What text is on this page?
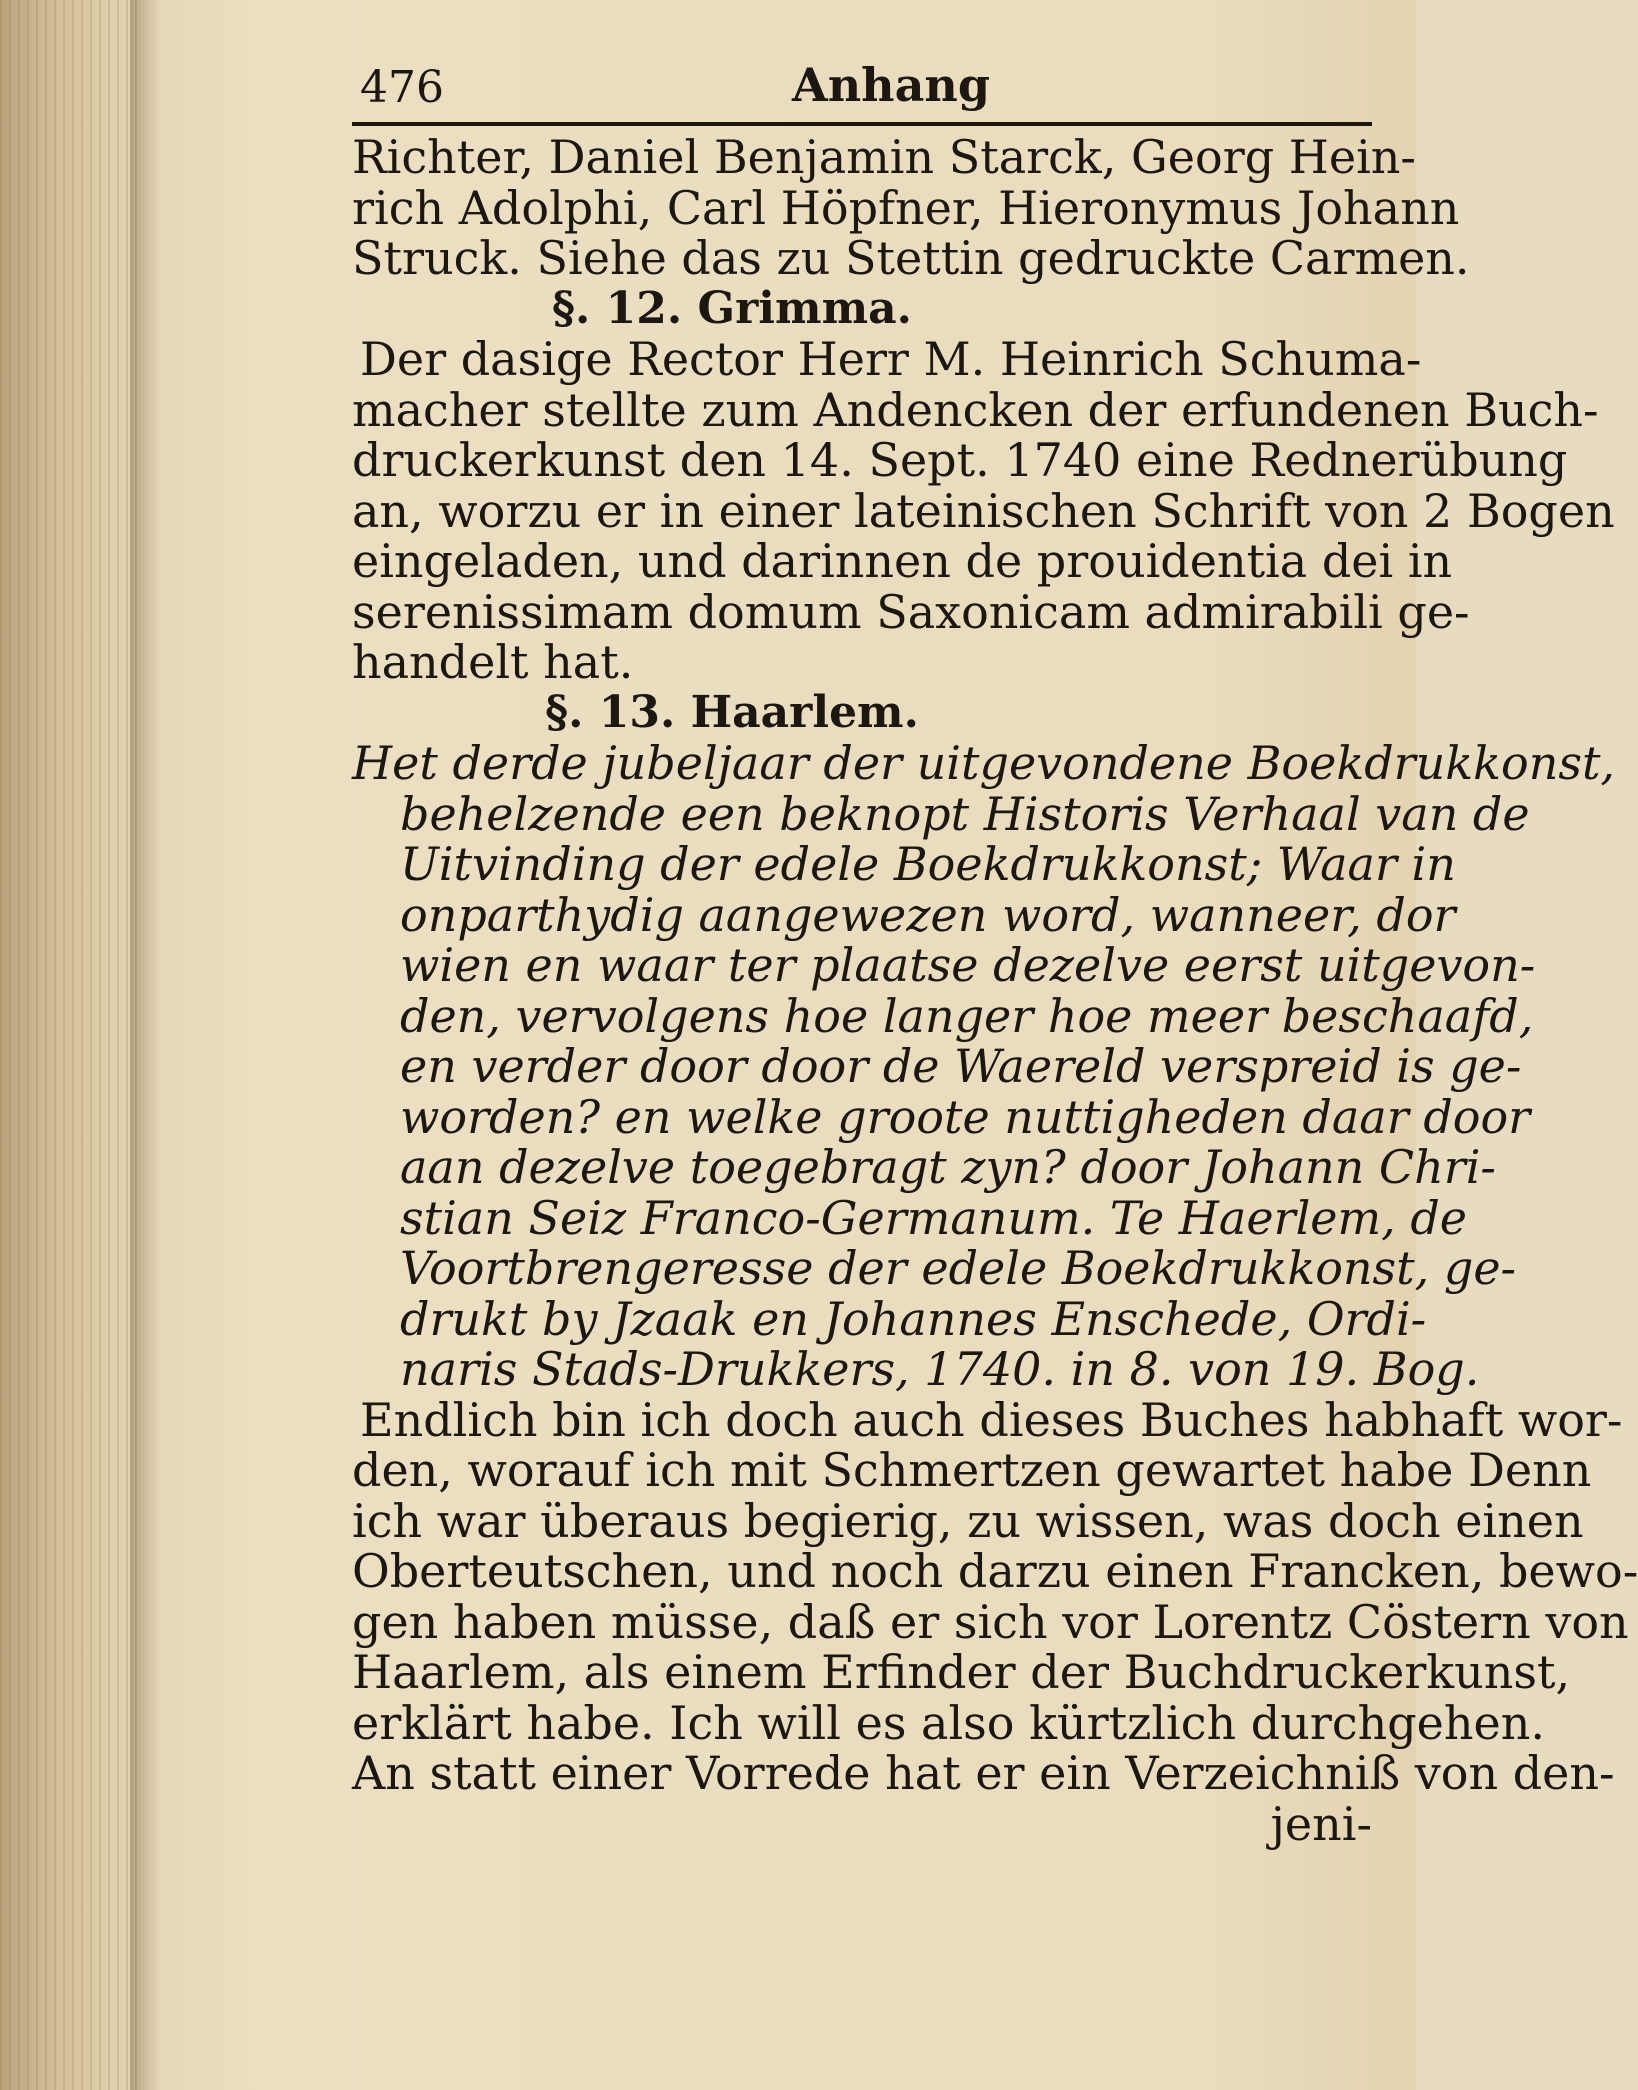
476	Anhang
Richter, Daniel Benjamin Starck, Georg Hein-
rich Adolphi, Carl Höpfner, Hieronymus Johann
Struck. Siehe das zu Stettin gedruckte Carmen.
§. 12. Grimma.
Der dasige Rector Herr M. Heinrich Schuma-
macher stellte zum Andencken der erfundenen Buch-
druckerkunst den 14. Sept. 1740 eine Rednerübung
an, worzu er in einer lateinischen Schrift von 2 Bogen
eingeladen, und darinnen de prouidentia dei in
serenissimam domum Saxonicam admirabili ge-
handelt hat.
§. 13. Haarlem.
Het derde jubeljaar der uitgevondene Boekdrukkonst,
behelzende een beknopt Historis Verhaal van de
Uitvinding der edele Boekdrukkonst; Waar in
onparthydig aangewezen word, wanneer, dor
wien en waar ter plaatse dezelve eerst uitgevon-
den, vervolgens hoe langer hoe meer beschaafd,
en verder door door de Waereld verspreid is ge-
worden? en welke groote nuttigheden daar door
aan dezelve toegebragt zyn? door Johann Chri-
stian Seiz Franco-Germanum. Te Haerlem, de
Voortbrengeresse der edele Boekdrukkonst, ge-
drukt by Jzaak en Johannes Enschede, Ordi-
naris Stads-Drukkers, 1740. in 8. von 19. Bog.
Endlich bin ich doch auch dieses Buches habhaft wor-
den, worauf ich mit Schmertzen gewartet habe Denn
ich war überaus begierig, zu wissen, was doch einen
Oberteutschen, und noch darzu einen Francken, bewo-
gen haben müsse, daß er sich vor Lorentz Cöstern von
Haarlem, als einem Erfinder der Buchdruckerkunst,
erklärt habe. Ich will es also kürtzlich durchgehen.
An statt einer Vorrede hat er ein Verzeichniß von den-
jeni-
